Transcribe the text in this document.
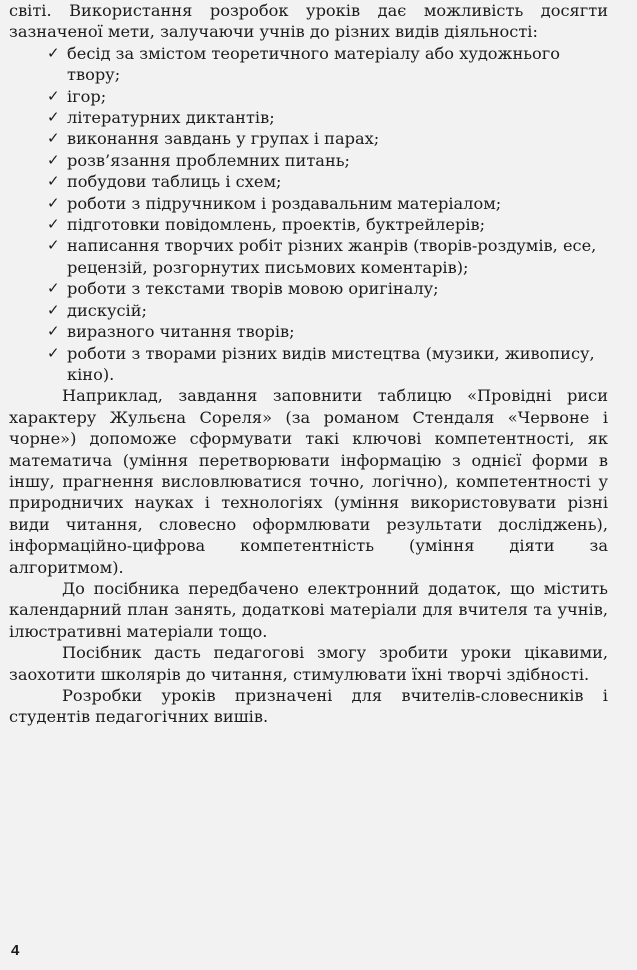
світі. Використання розробок уроків дає можливість досягти зазначеної мети, залучаючи учнів до різних видів діяльності:

✓ бесід за змістом теоретичного матеріалу або художнього твору;
✓ ігор;
✓ літературних диктантів;
✓ виконання завдань у групах і парах;
✓ розв’язання проблемних питань;
✓ побудови таблиць і схем;
✓ роботи з підручником і роздавальним матеріалом;
✓ підготовки повідомлень, проектів, буктрейлерів;
✓ написання творчих робіт різних жанрів (творів-роздумів, есе, рецензій, розгорнутих письмових коментарів);
✓ роботи з текстами творів мовою оригіналу;
✓ дискусій;
✓ виразного читання творів;
✓ роботи з творами різних видів мистецтва (музики, живопису, кіно).

Наприклад, завдання заповнити таблицю «Провідні риси характеру Жульєна Сореля» (за романом Стендаля «Червоне і чорне») допоможе сформувати такі ключові компетентності, як математича (уміння перетворювати інформацію з однієї форми в іншу, прагнення висловлюватися точно, логічно), компетентності у природничих науках і технологіях (уміння використовувати різні види читання, словесно оформлювати результати досліджень), інформаційно-цифрова компетентність (уміння діяти за алгоритмом).

До посібника передбачено електронний додаток, що містить календарний план занять, додаткові матеріали для вчителя та учнів, ілюстративні матеріали тощо.

Посібник дасть педагогові змогу зробити уроки цікавими, заохотити школярів до читання, стимулювати їхні творчі здібності.

Розробки уроків призначені для вчителів-словесників і студентів педагогічних вишів.

4
